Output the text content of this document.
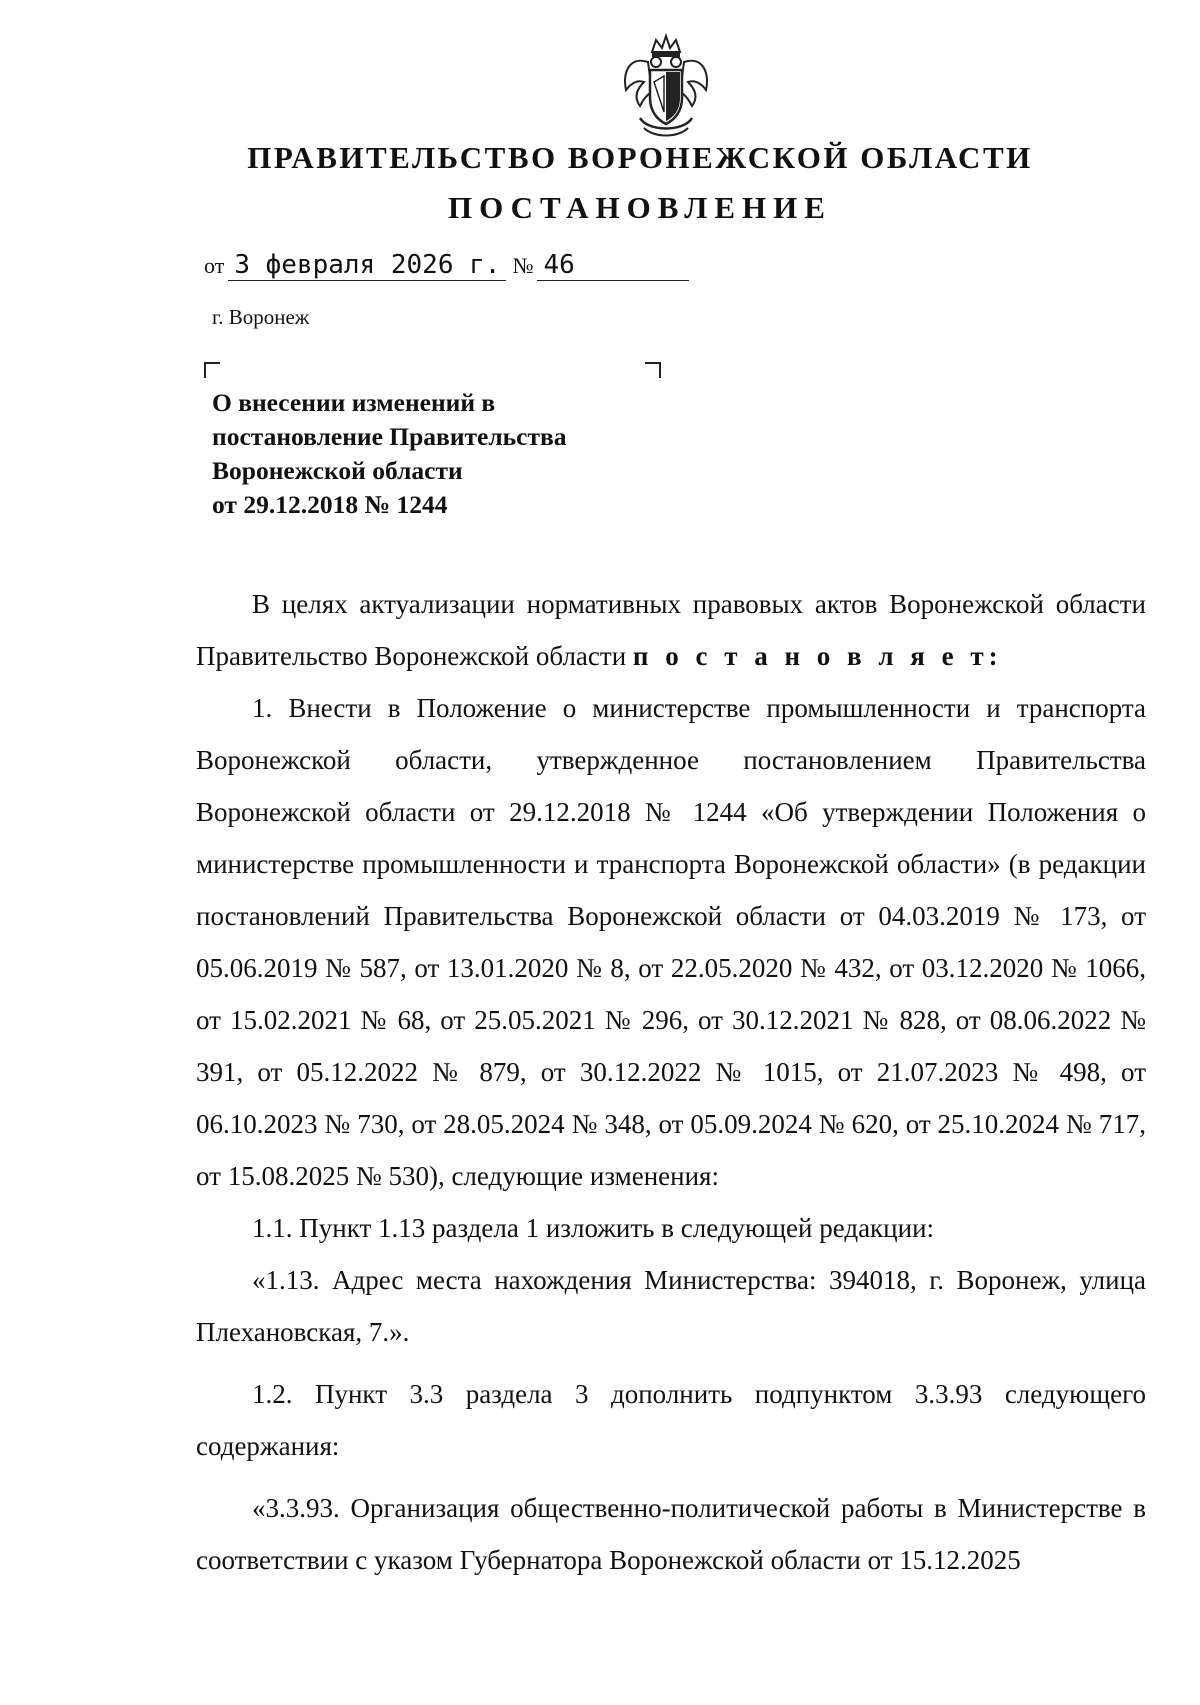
ПРАВИТЕЛЬСТВО ВОРОНЕЖСКОЙ ОБЛАСТИ
ПОСТАНОВЛЕНИЕ
от 3 февраля 2026 г. № 46
г. Воронеж
О внесении изменений в
постановление Правительства
Воронежской области
от 29.12.2018 № 1244

В целях актуализации нормативных правовых актов Воронежской области Правительство Воронежской области п о с т а н о в л я е т:

1. Внести в Положение о министерстве промышленности и транспорта Воронежской области, утвержденное постановлением Правительства Воронежской области от 29.12.2018 № 1244 «Об утверждении Положения о министерстве промышленности и транспорта Воронежской области» (в редакции постановлений Правительства Воронежской области от 04.03.2019 № 173, от 05.06.2019 № 587, от 13.01.2020 № 8, от 22.05.2020 № 432, от 03.12.2020 № 1066, от 15.02.2021 № 68, от 25.05.2021 № 296, от 30.12.2021 № 828, от 08.06.2022 № 391, от 05.12.2022 № 879, от 30.12.2022 № 1015, от 21.07.2023 № 498, от 06.10.2023 № 730, от 28.05.2024 № 348, от 05.09.2024 № 620, от 25.10.2024 № 717, от 15.08.2025 № 530), следующие изменения:

1.1. Пункт 1.13 раздела 1 изложить в следующей редакции:

«1.13. Адрес места нахождения Министерства: 394018, г. Воронеж, улица Плехановская, 7.».

1.2. Пункт 3.3 раздела 3 дополнить подпунктом 3.3.93 следующего содержания:

«3.3.93. Организация общественно-политической работы в Министерстве в соответствии с указом Губернатора Воронежской области от 15.12.2025
